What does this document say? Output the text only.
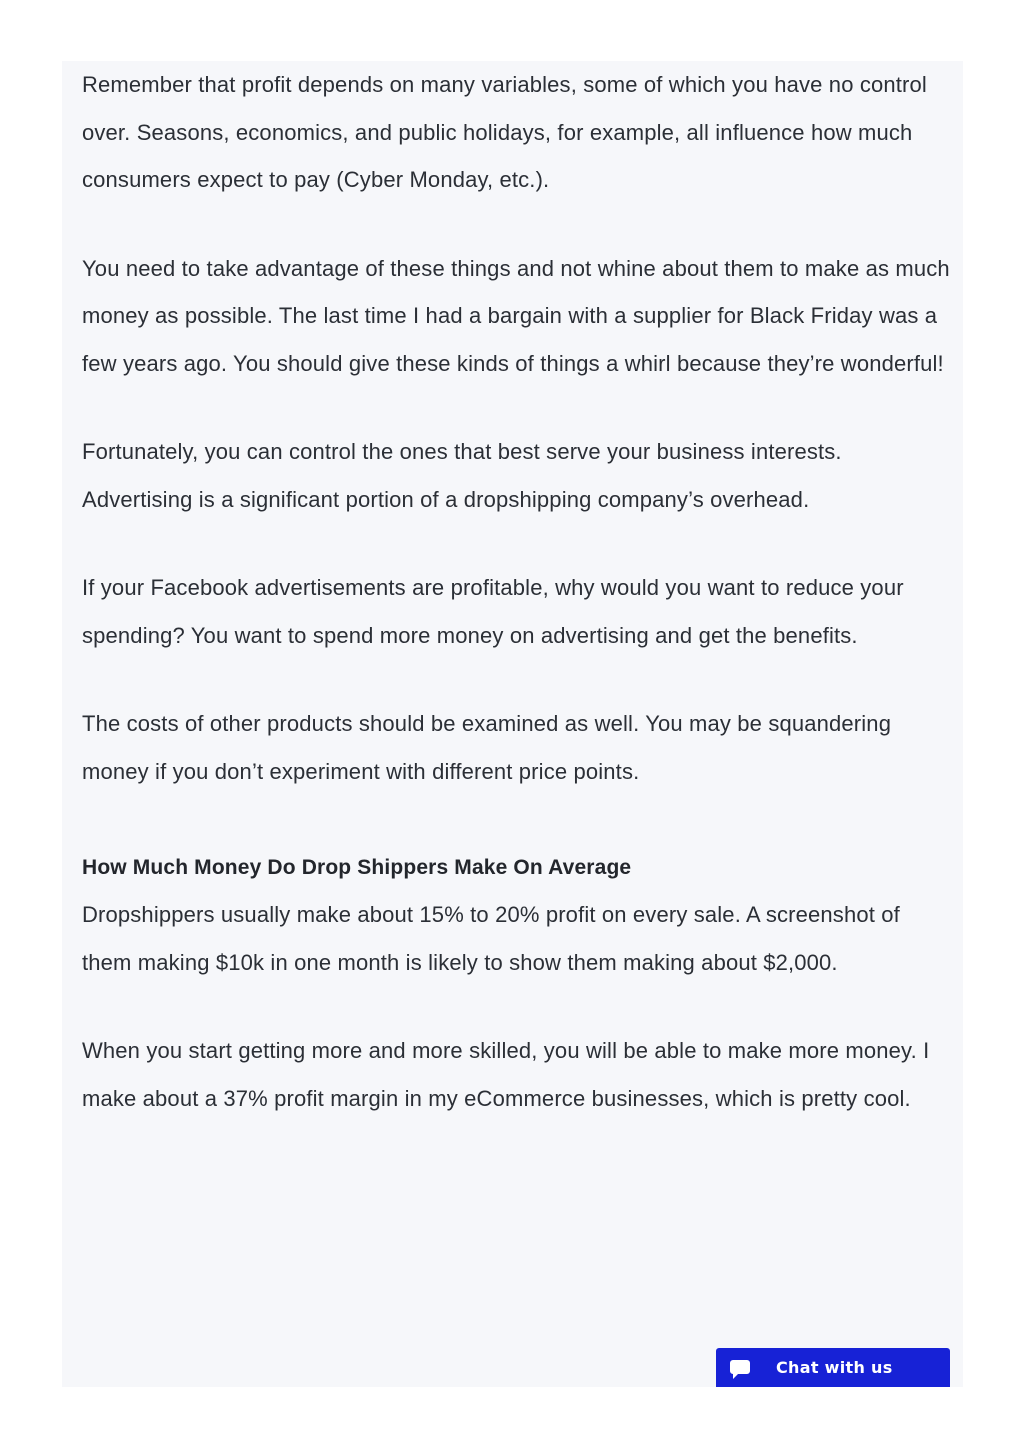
Remember that profit depends on many variables, some of which you have no control over. Seasons, economics, and public holidays, for example, all influence how much consumers expect to pay (Cyber Monday, etc.).

You need to take advantage of these things and not whine about them to make as much money as possible. The last time I had a bargain with a supplier for Black Friday was a few years ago. You should give these kinds of things a whirl because they’re wonderful!

Fortunately, you can control the ones that best serve your business interests. Advertising is a significant portion of a dropshipping company’s overhead.

If your Facebook advertisements are profitable, why would you want to reduce your spending? You want to spend more money on advertising and get the benefits.

The costs of other products should be examined as well. You may be squandering money if you don’t experiment with different price points.

How Much Money Do Drop Shippers Make On Average

Dropshippers usually make about 15% to 20% profit on every sale. A screenshot of them making $10k in one month is likely to show them making about $2,000.

When you start getting more and more skilled, you will be able to make more money. I make about a 37% profit margin in my eCommerce businesses, which is pretty cool.

Chat with us
